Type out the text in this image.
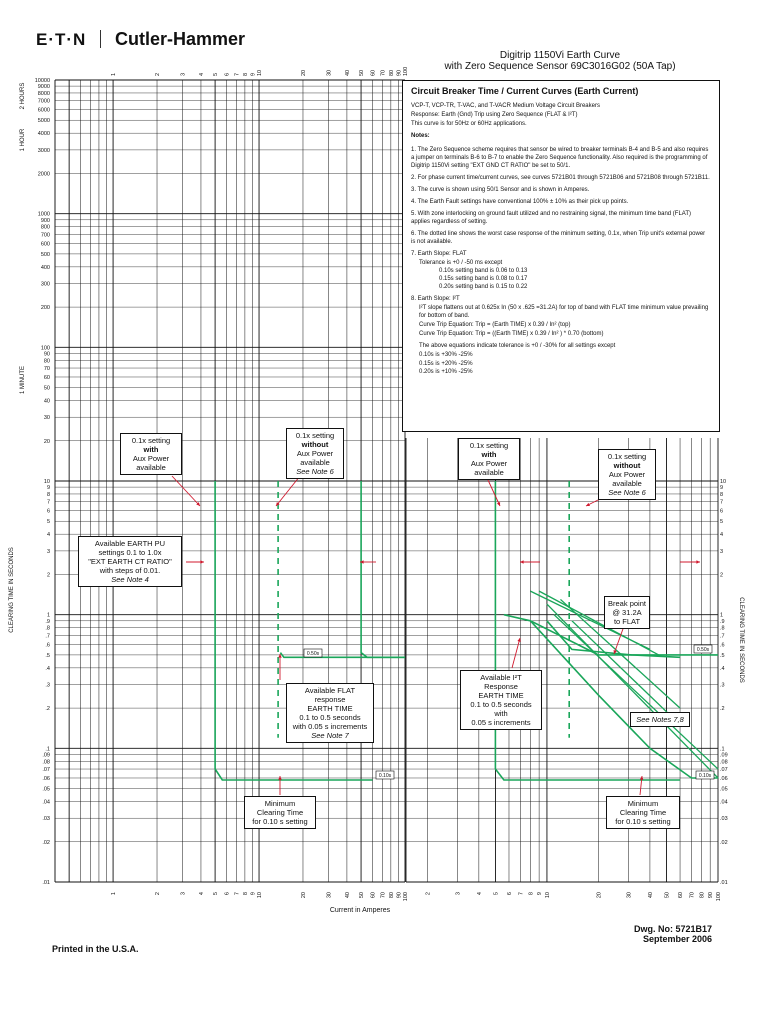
E·T·N Cutler-Hammer
Digitrip 1150Vi Earth Curve
with Zero Sequence Sensor 69C3016G02 (50A Tap)
.01	.01
.02	.02
.03	.03
.04	.04
.05	.05
.06	.06
.07	.07
.08	.08
.09	.09
.1	.1
.2	.2
.3	.3
.4	.4
.5	.5
.6	.6
.7	.7
.8	.8
.9	.9
1	1
2	2
3	3
4	4
5	5
6	6
7	7
8	8
9	9
10	10
20
30
40
50
60
70
80
90
100
200
300
400
500
600
700
800
900
1000
2000
3000
4000
5000
6000
7000
8000
9000
10000
1
1
2
2
3
3
4
4
5
5
6
6
7
7
8
8
9
9
10
10
20
20
30
30
40
40
50
50
60
60
70
70
80
80
90
90
100
100	2	3	4 5 6 7 8 9 10	20	30	40 50 60 70 80 90 100
2 HOURS
1 HOUR
1 MINUTE
CLEARING TIME IN SECONDS
CLEARING TIME IN SECONDS
0.50s
0.10s
0.50s
0.10s
Circuit Breaker Time / Current Curves (Earth Current)

VCP-T, VCP-TR, T-VAC, and T-VACR Medium Voltage Circuit Breakers

Response: Earth (Gnd) Trip using Zero Sequence (FLAT & I²T)

This curve is for 50Hz or 60Hz applications.

Notes:

1. The Zero Sequence scheme requires that sensor be wired to breaker terminals B-4 and B-5 and also requires a jumper on terminals B-6 to B-7 to enable the Zero Sequence functionality. Also required is the programming of Digitrip 1150Vi setting "EXT GND CT RATIO" be set to 50/1.

2. For phase current time/current curves, see curves 5721B01 through 5721B06 and 5721B08 through 5721B11.

3. The curve is shown using 50/1 Sensor and is shown in Amperes.

4. The Earth Fault settings have conventional 100% ± 10% as their pick up points.

5. With zone interlocking on ground fault utilized and no restraining signal, the minimum time band (FLAT) applies regardless of setting.

6. The dotted line shows the worst case response of the minimum setting, 0.1x, when Trip unit's external power is not available.

7. Earth Slope: FLAT

Tolerance is +0 / -50 ms except

0.10s setting band is 0.06 to 0.13

0.15s setting band is 0.08 to 0.17

0.20s setting band is 0.15 to 0.22

8. Earth Slope: I²T

I²T slope flattens out at 0.625x In (50 x .625 =31.2A) for top of band with FLAT time minimum value prevailing for bottom of band.

Curve Trip Equation: Trip = (Earth TIME) x 0.39 / In² (top)

Curve Trip Equation: Trip = ((Earth TIME) x 0.39 / In² ) * 0.70 (bottom)

The above equations indicate tolerance is +0 / -30% for all settings except

0.10s is +30% -25%

0.15s is +20% -25%

0.20s is +10% -25%

0.1x setting
with
Aux Power
available
0.1x setting
without
Aux Power
available
See Note 6
Available EARTH PU
settings 0.1 to 1.0x
"EXT EARTH CT RATIO"
with steps of 0.01.
See Note 4
Available FLAT response
EARTH TIME
0.1 to 0.5 seconds
with 0.05 s increments
See Note 7
Minimum
Clearing Time
for 0.10 s setting
0.1x setting
with
Aux Power
available
0.1x setting
without
Aux Power
available
See Note 6
Break point
@ 31.2A
to FLAT
Available I²T
Response
EARTH TIME
0.1 to 0.5 seconds
with
0.05 s increments	See Notes 7,8
Minimum
Clearing Time
for 0.10 s setting
Current in Amperes
Printed in the U.S.A.
Dwg. No: 5721B17
September 2006
